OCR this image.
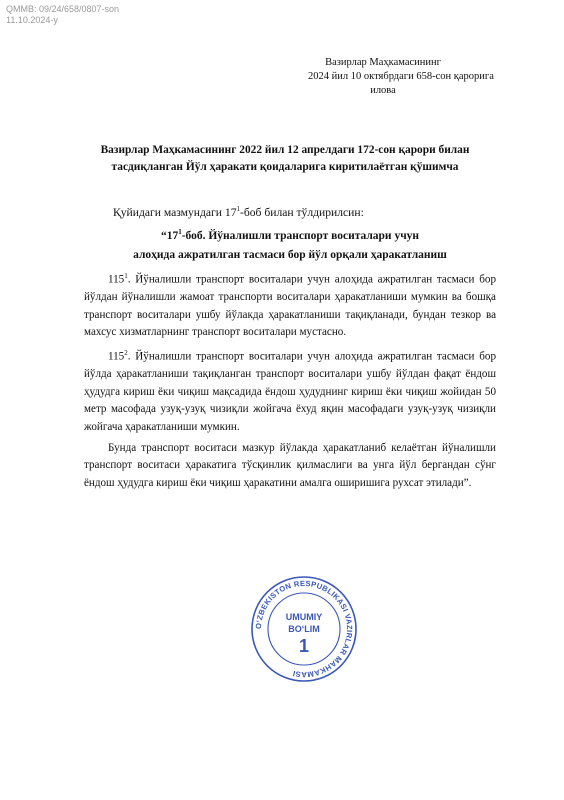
QMMB: 09/24/658/0807-son
11.10.2024-y
Вазирлар Маҳкамасининг
2024 йил 10 октябрдаги 658-сон қарорига
илова
Вазирлар Маҳкамасининг 2022 йил 12 апрелдаги 172-сон қарори билан
тасдиқланган Йўл ҳаракати қоидаларига киритилаётган қўшимча
Қуйидаги мазмундаги $17^1$-боб билан тўлдирилсин:
“$17^1$-боб. Йўналишли транспорт воситалари учун
алоҳида ажратилган тасмаси бор йўл орқали ҳаракатланиш

$115^1$. Йўналишли транспорт воситалари учун алоҳида ажратилган тасмаси бор йўлдан йўналишли жамоат транспорти воситалари ҳаракатланиши мумкин ва бошқа транспорт воситалари ушбу йўлакда ҳаракатланиши тақиқланади, бундан тезкор ва махсус хизматларнинг транспорт воситалари мустасно.

$115^2$. Йўналишли транспорт воситалари учун алоҳида ажратилган тасмаси бор йўлда ҳаракатланиши тақиқланган транспорт воситалари ушбу йўлдан фақат ёндош ҳудудга кириш ёки чиқиш мақсадида ёндош ҳудуднинг кириш ёки чиқиш жойидан 50 метр масофада узуқ-узуқ чизиқли жойгача ёхуд яқин масофадаги узуқ-узуқ чизиқли жойгача ҳаракатланиши мумкин.

Бунда транспорт воситаси мазкур йўлакда ҳаракатланиб келаётган йўналишли транспорт воситаси ҳаракатига тўсқинлик қилмаслиги ва унга йўл бергандан сўнг ёндош ҳудудга кириш ёки чиқиш ҳаракатини амалга оширишига рухсат этилади”.

O‘ZBEKISTON RESPUBLIKASI VAZIRLAR MAHKAMASI
UMUMIY
BO‘LIM
1
